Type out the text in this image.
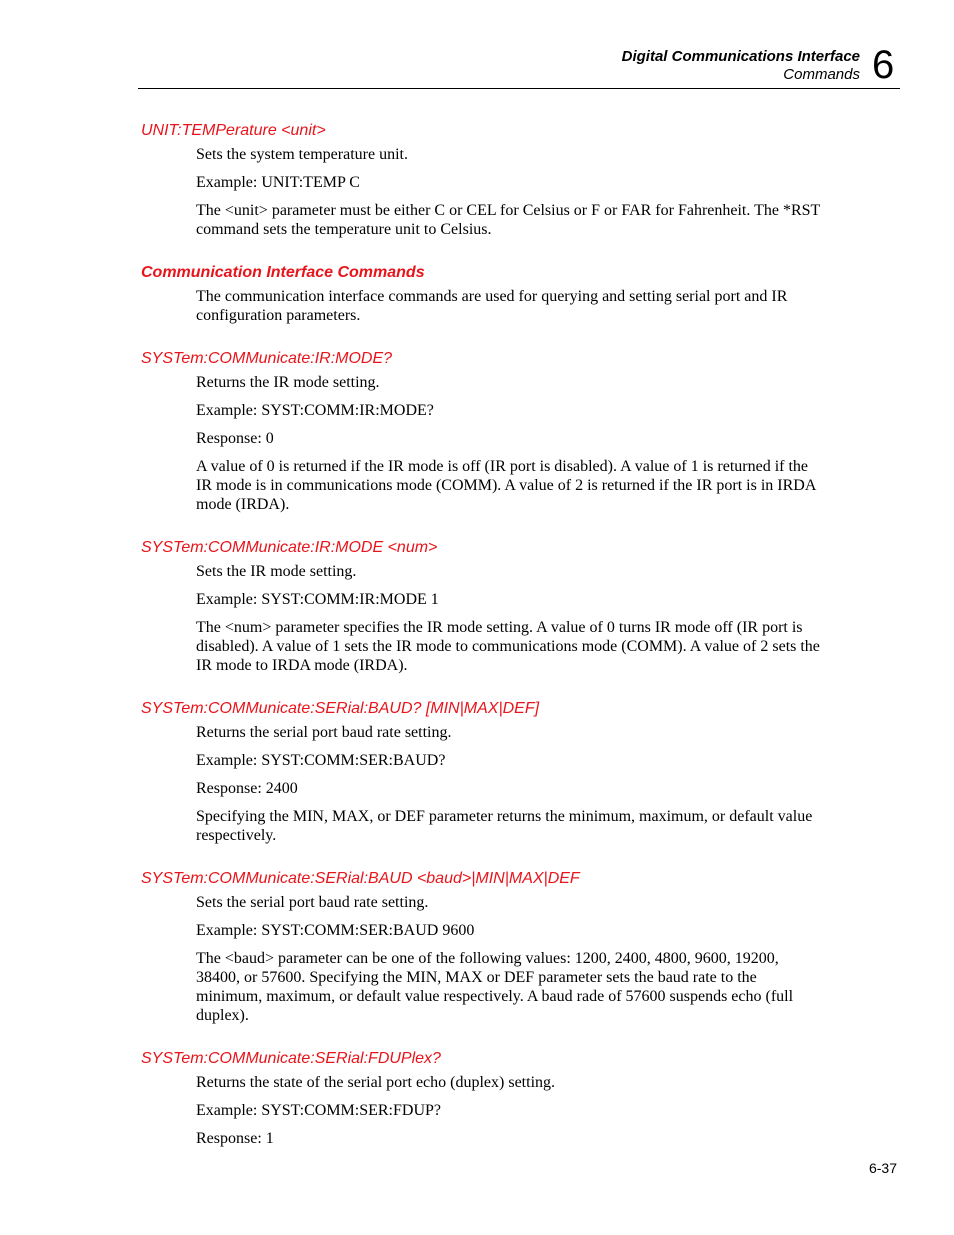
Digital Communications Interface
Commands 6
UNIT:TEMPerature <unit>

Sets the system temperature unit.

Example: UNIT:TEMP C

The <unit> parameter must be either C or CEL for Celsius or F or FAR for Fahrenheit. The *RST command sets the temperature unit to Celsius.

Communication Interface Commands

The communication interface commands are used for querying and setting serial port and IR configuration parameters.

SYSTem:COMMunicate:IR:MODE?

Returns the IR mode setting.

Example: SYST:COMM:IR:MODE?

Response: 0

A value of 0 is returned if the IR mode is off (IR port is disabled). A value of 1 is returned if the IR mode is in communications mode (COMM). A value of 2 is returned if the IR port is in IRDA mode (IRDA).

SYSTem:COMMunicate:IR:MODE <num>

Sets the IR mode setting.

Example: SYST:COMM:IR:MODE 1

The <num> parameter specifies the IR mode setting. A value of 0 turns IR mode off (IR port is disabled). A value of 1 sets the IR mode to communications mode (COMM). A value of 2 sets the IR mode to IRDA mode (IRDA).

SYSTem:COMMunicate:SERial:BAUD? [MIN|MAX|DEF]

Returns the serial port baud rate setting.

Example: SYST:COMM:SER:BAUD?

Response: 2400

Specifying the MIN, MAX, or DEF parameter returns the minimum, maximum, or default value respectively.

SYSTem:COMMunicate:SERial:BAUD <baud>|MIN|MAX|DEF

Sets the serial port baud rate setting.

Example: SYST:COMM:SER:BAUD 9600

The <baud> parameter can be one of the following values: 1200, 2400, 4800, 9600, 19200, 38400, or 57600. Specifying the MIN, MAX or DEF parameter sets the baud rate to the minimum, maximum, or default value respectively. A baud rade of 57600 suspends echo (full duplex).

SYSTem:COMMunicate:SERial:FDUPlex?

Returns the state of the serial port echo (duplex) setting.

Example: SYST:COMM:SER:FDUP?

Response: 1

6-37
